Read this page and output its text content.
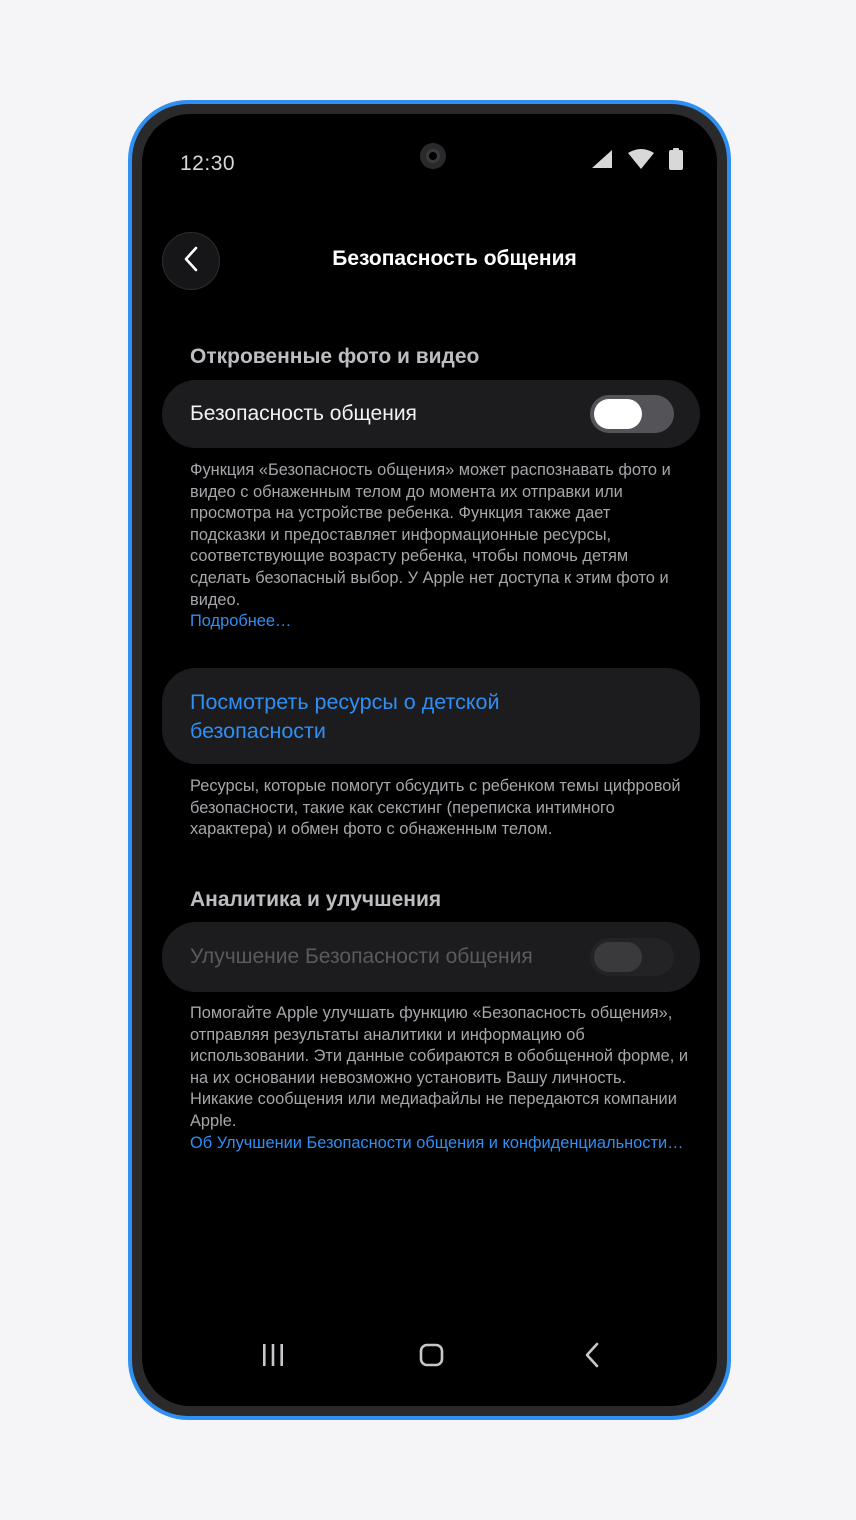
12:30
Безопасность общения
Откровенные фото и видео
Безопасность общения
Функция «Безопасность общения» может распознавать фото и видео с обнаженным телом до момента их отправки или просмотра на устройстве ребенка. Функция также дает подсказки и предоставляет информационные ресурсы, соответствующие возрасту ребенка, чтобы помочь детям сделать безопасный выбор. У Apple нет доступа к этим фото и видео.
Подробнее…
Посмотреть ресурсы о детской безопасности
Ресурсы, которые помогут обсудить с ребенком темы цифровой безопасности, такие как секстинг (переписка интимного характера) и обмен фото с обнаженным телом.
Аналитика и улучшения
Улучшение Безопасности общения
Помогайте Apple улучшать функцию «Безопасность общения», отправляя результаты аналитики и информацию об использовании. Эти данные собираются в обобщенной форме, и на их основании невозможно установить Вашу личность. Никакие сообщения или медиафайлы не передаются компании Apple.
Об Улучшении Безопасности общения и конфиденциальности…
